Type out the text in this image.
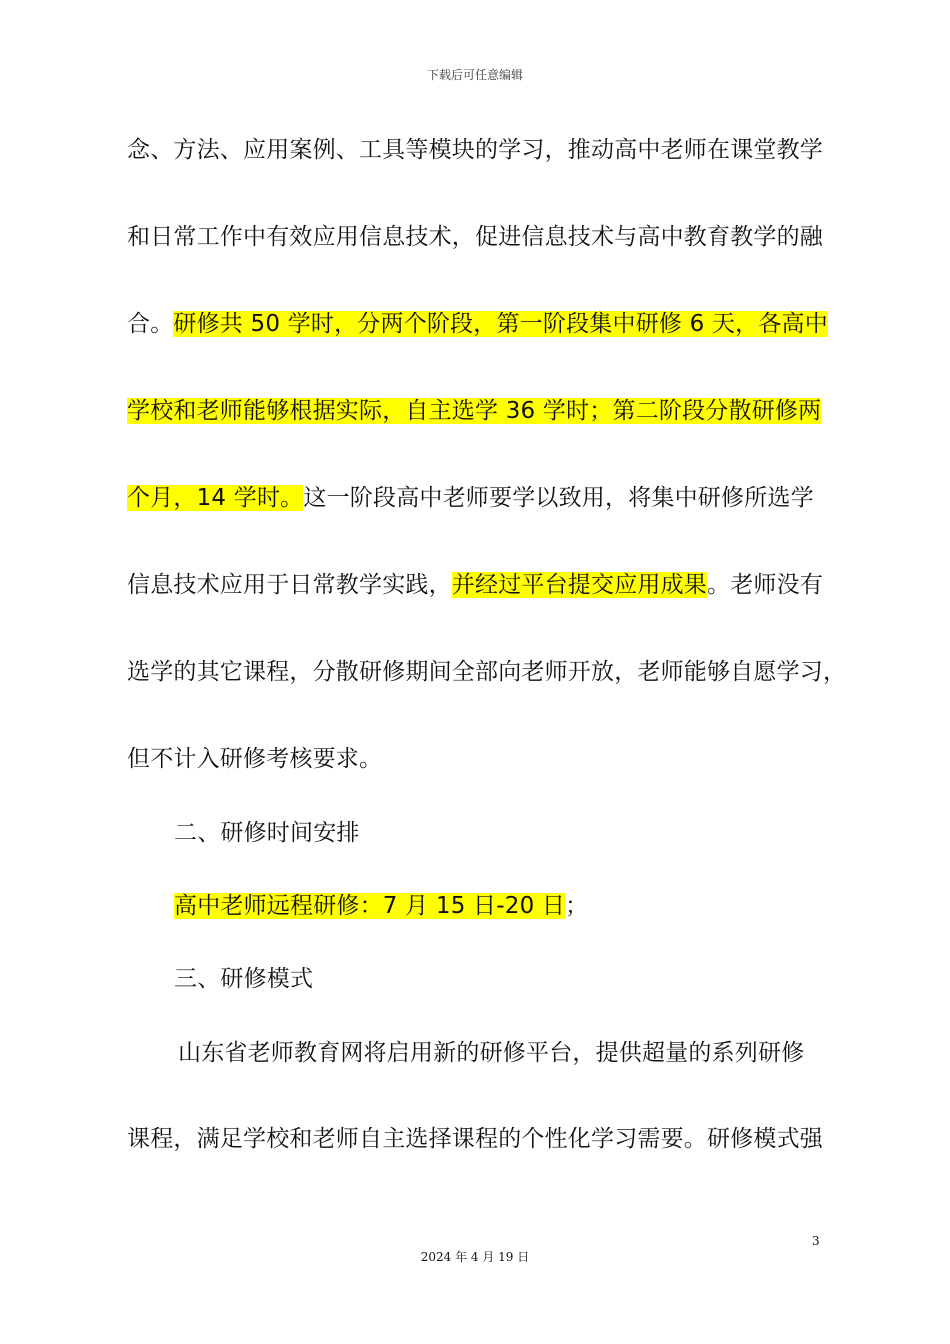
下载后可任意编辑
念、方法、应用案例、工具等模块的学习，推动高中老师在课堂教学
和日常工作中有效应用信息技术，促进信息技术与高中教育教学的融
合。研修共 50 学时，分两个阶段，第一阶段集中研修 6 天，各高中
学校和老师能够根据实际，自主选学 36 学时；第二阶段分散研修两
个月，14 学时。这一阶段高中老师要学以致用，将集中研修所选学
信息技术应用于日常教学实践，并经过平台提交应用成果。老师没有
选学的其它课程，分散研修期间全部向老师开放，老师能够自愿学习，
但不计入研修考核要求。
二、研修时间安排
高中老师远程研修：7 月 15 日-20 日；
三、研修模式
山东省老师教育网将启用新的研修平台，提供超量的系列研修
课程，满足学校和老师自主选择课程的个性化学习需要。研修模式强
3
2024 年 4 月 19 日
